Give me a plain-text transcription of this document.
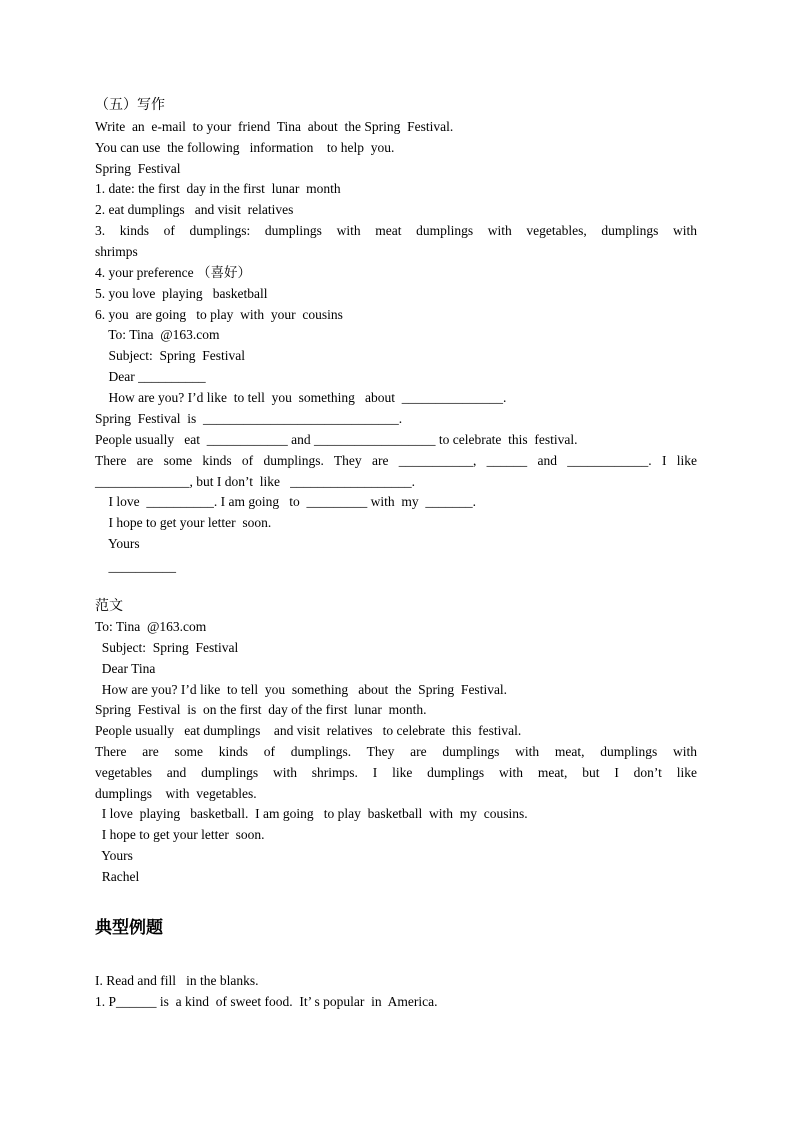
（五）写作
Write  an  e-mail  to your  friend  Tina  about  the Spring  Festival.
You can use  the following   information    to help  you.
Spring  Festival
1. date: the first  day in the first  lunar  month
2. eat dumplings   and visit  relatives
3. kinds of dumplings: dumplings with meat dumplings with vegetables, dumplings with
shrimps
4. your preference （喜好）
5. you love  playing   basketball
6. you  are going   to play  with  your  cousins
To: Tina  @163.com
Subject:  Spring  Festival
Dear __________
How are you? I’d like  to tell  you  something   about  _______________.
Spring  Festival  is  _____________________________.
People usually   eat  ____________ and __________________ to celebrate  this  festival.
There are some kinds of dumplings. They are ___________, ______ and ____________. I like
______________, but I don’t  like   __________________.
I love  __________. I am going   to  _________ with  my  _______.
I hope to get your letter  soon.
Yours
__________
范文
To: Tina  @163.com
Subject:  Spring  Festival
Dear Tina
How are you? I’d like  to tell  you  something   about  the  Spring  Festival.
Spring  Festival  is  on the first  day of the first  lunar  month.
People usually   eat dumplings    and visit  relatives   to celebrate  this  festival.
There are some kinds of dumplings. They are dumplings with meat, dumplings with
vegetables and dumplings with shrimps. I like dumplings with meat, but I don’t like
dumplings    with  vegetables.
I love  playing   basketball.  I am going   to play  basketball  with  my  cousins.
I hope to get your letter  soon.
Yours
Rachel
典型例题
I. Read and fill   in the blanks.
1. P______ is  a kind  of sweet food.  It’ s popular  in  America.
